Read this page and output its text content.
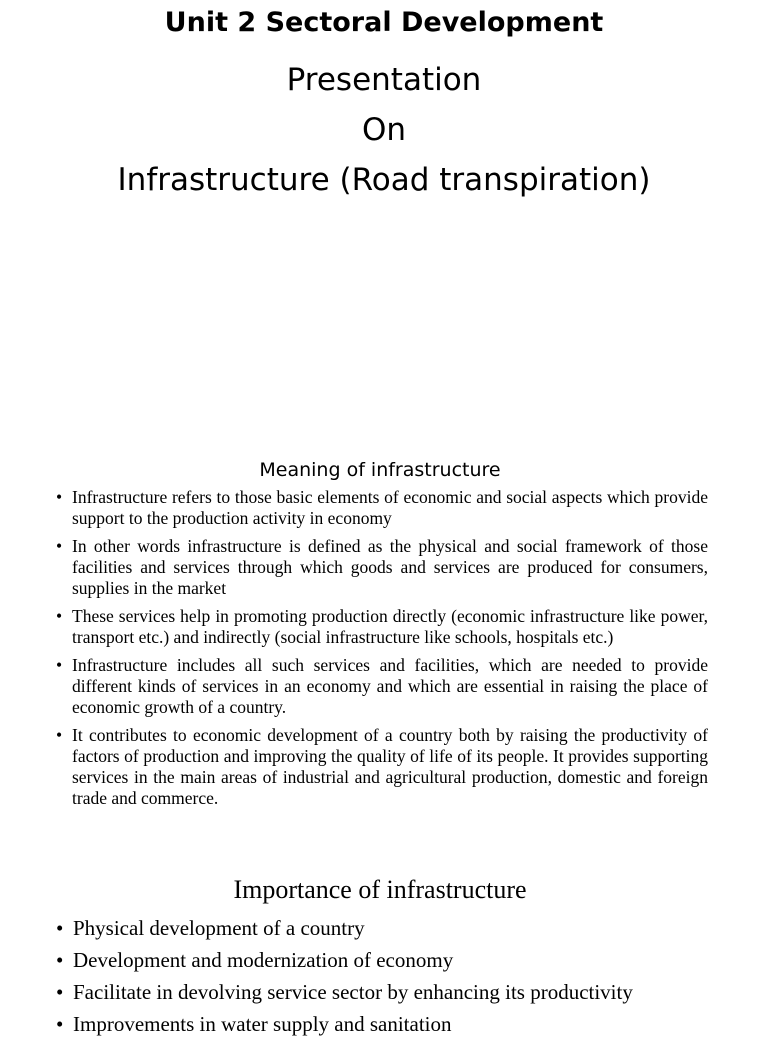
Unit 2 Sectoral Development
Presentation
On
Infrastructure (Road transpiration)
Meaning of infrastructure
• Infrastructure refers to those basic elements of economic and social aspects which provide support to the production activity in economy
• In other words infrastructure is defined as the physical and social framework of those facilities and services through which goods and services are produced for consumers, supplies in the market
• These services help in promoting production directly (economic infrastructure like power, transport etc.) and indirectly (social infrastructure like schools, hospitals etc.)
• Infrastructure includes all such services and facilities, which are needed to provide different kinds of services in an economy and which are essential in raising the place of economic growth of a country.
• It contributes to economic development of a country both by raising the productivity of factors of production and improving the quality of life of its people. It provides supporting services in the main areas of industrial and agricultural production, domestic and foreign trade and commerce.
Importance of infrastructure
• Physical development of a country
• Development and modernization of economy
• Facilitate in devolving service sector by enhancing its productivity
• Improvements in water supply and sanitation
